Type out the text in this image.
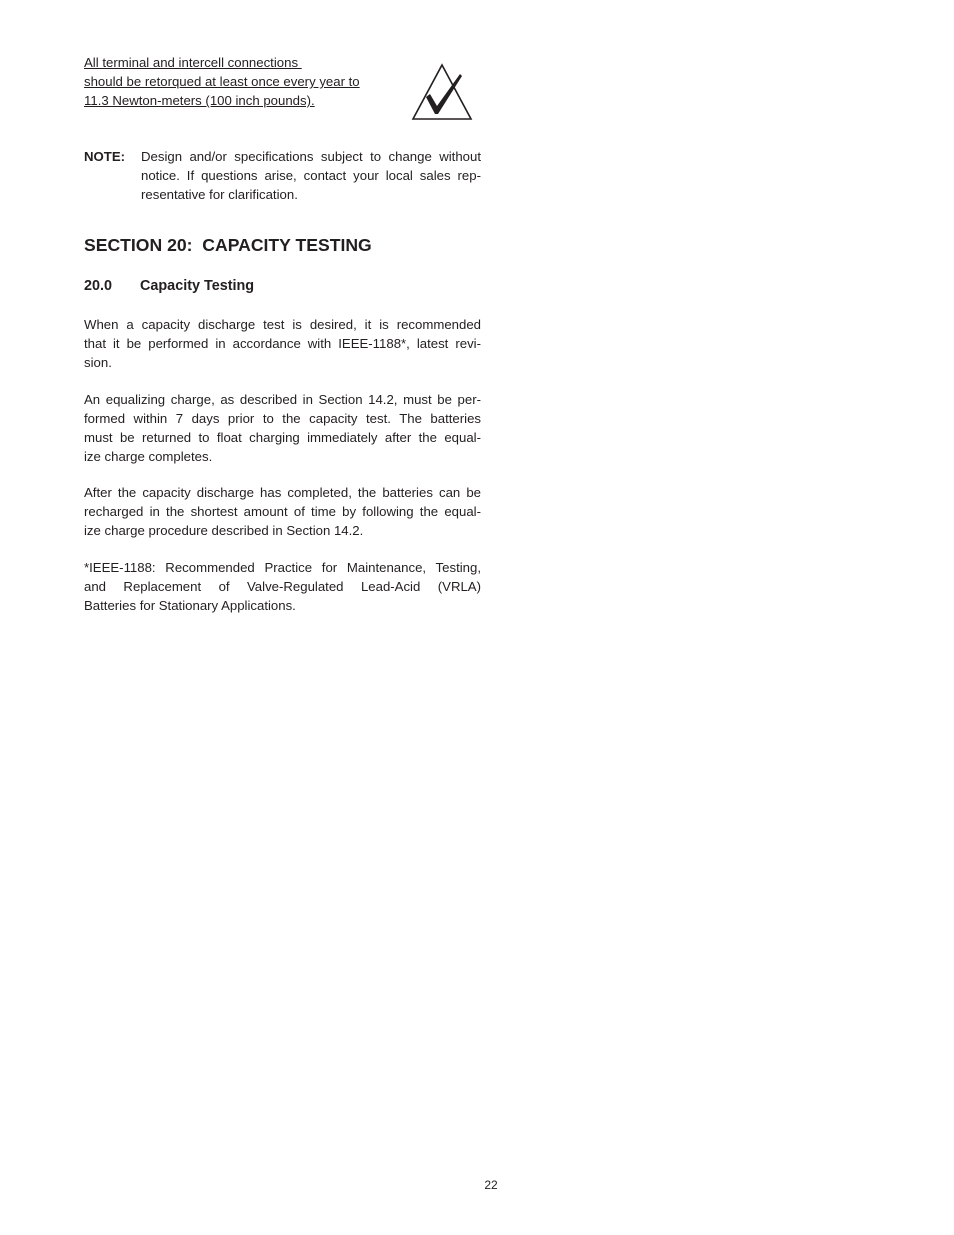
All terminal and intercell connections
should be retorqued at least once every year to
11.3 Newton-meters (100 inch pounds).
NOTE: Design and/or specifications subject to change without
notice. If questions arise, contact your local sales rep-
resentative for clarification.
SECTION 20:  CAPACITY TESTING
20.0 Capacity Testing
When a capacity discharge test is desired, it is recommended
that it be performed in accordance with IEEE-1188*, latest revi-
sion.
An equalizing charge, as described in Section 14.2, must be per-
formed within 7 days prior to the capacity test. The batteries
must be returned to float charging immediately after the equal-
ize charge completes.
After the capacity discharge has completed, the batteries can be
recharged in the shortest amount of time by following the equal-
ize charge procedure described in Section 14.2.
*IEEE-1188: Recommended Practice for Maintenance, Testing,
and Replacement of Valve-Regulated Lead-Acid (VRLA)
Batteries for Stationary Applications.
22
